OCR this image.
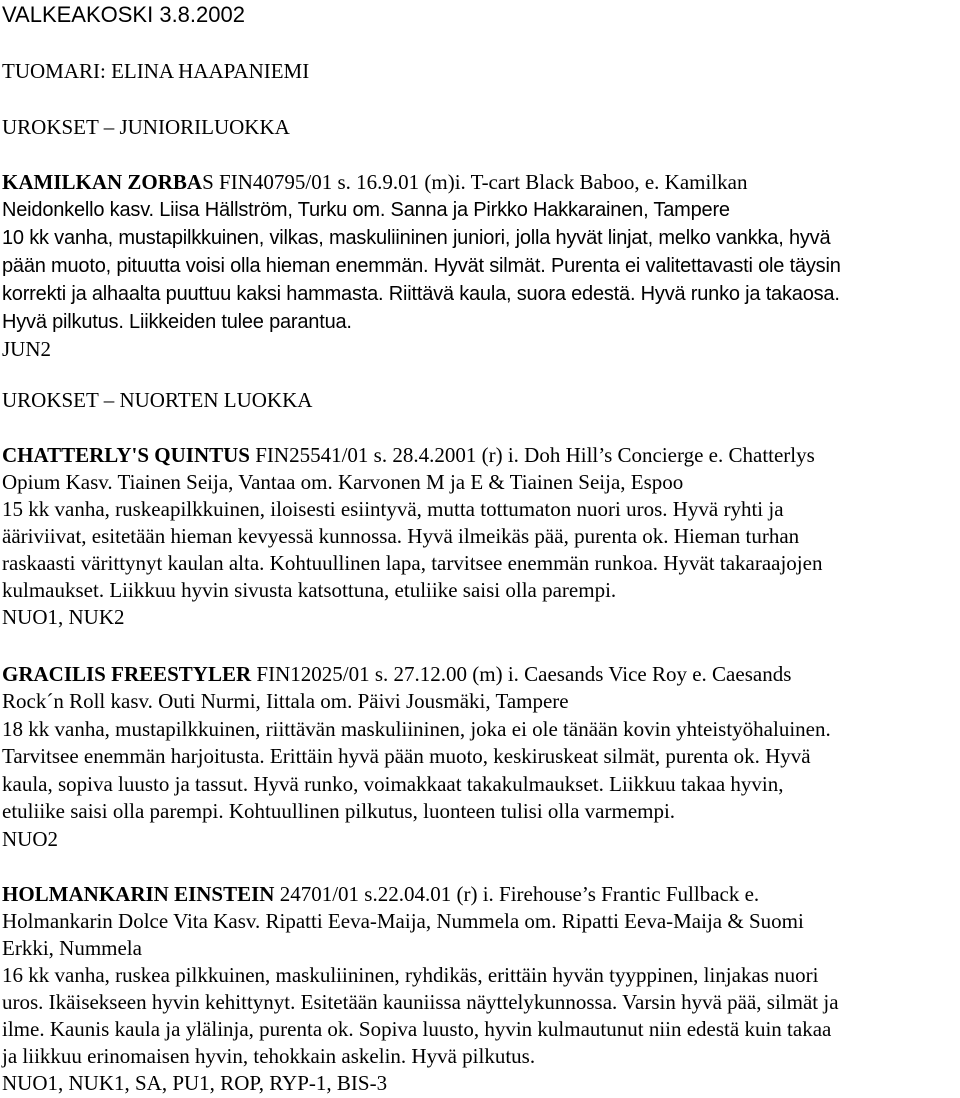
VALKEAKOSKI 3.8.2002
TUOMARI: ELINA HAAPANIEMI
UROKSET – JUNIORILUOKKA
KAMILKAN ZORBAS FIN40795/01 s. 16.9.01 (m)i. T-cart Black Baboo, e. Kamilkan
Neidonkello kasv. Liisa Hällström, Turku om. Sanna ja Pirkko Hakkarainen, Tampere
10 kk vanha, mustapilkkuinen, vilkas, maskuliininen juniori, jolla hyvät linjat, melko vankka, hyvä
pään muoto, pituutta voisi olla hieman enemmän. Hyvät silmät. Purenta ei valitettavasti ole täysin
korrekti ja alhaalta puuttuu kaksi hammasta. Riittävä kaula, suora edestä. Hyvä runko ja takaosa.
Hyvä pilkutus. Liikkeiden tulee parantua.
JUN2
UROKSET – NUORTEN LUOKKA
CHATTERLY'S QUINTUS FIN25541/01 s. 28.4.2001 (r) i. Doh Hill’s Concierge e. Chatterlys
Opium Kasv. Tiainen Seija, Vantaa om. Karvonen M ja E & Tiainen Seija, Espoo
15 kk vanha, ruskeapilkkuinen, iloisesti esiintyvä, mutta tottumaton nuori uros. Hyvä ryhti ja
ääriviivat, esitetään hieman kevyessä kunnossa. Hyvä ilmeikäs pää, purenta ok. Hieman turhan
raskaasti värittynyt kaulan alta. Kohtuullinen lapa, tarvitsee enemmän runkoa. Hyvät takaraajojen
kulmaukset. Liikkuu hyvin sivusta katsottuna, etuliike saisi olla parempi.
NUO1, NUK2
GRACILIS FREESTYLER FIN12025/01 s. 27.12.00 (m) i. Caesands Vice Roy e. Caesands
Rock´n Roll kasv. Outi Nurmi, Iittala om. Päivi Jousmäki, Tampere
18 kk vanha, mustapilkkuinen, riittävän maskuliininen, joka ei ole tänään kovin yhteistyöhaluinen.
Tarvitsee enemmän harjoitusta. Erittäin hyvä pään muoto, keskiruskeat silmät, purenta ok. Hyvä
kaula, sopiva luusto ja tassut. Hyvä runko, voimakkaat takakulmaukset. Liikkuu takaa hyvin,
etuliike saisi olla parempi. Kohtuullinen pilkutus, luonteen tulisi olla varmempi.
NUO2
HOLMANKARIN EINSTEIN 24701/01 s.22.04.01 (r) i. Firehouse’s Frantic Fullback e.
Holmankarin Dolce Vita Kasv. Ripatti Eeva-Maija, Nummela om. Ripatti Eeva-Maija & Suomi
Erkki, Nummela
16 kk vanha, ruskea pilkkuinen, maskuliininen, ryhdikäs, erittäin hyvän tyyppinen, linjakas nuori
uros. Ikäisekseen hyvin kehittynyt. Esitetään kauniissa näyttelykunnossa. Varsin hyvä pää, silmät ja
ilme. Kaunis kaula ja ylälinja, purenta ok. Sopiva luusto, hyvin kulmautunut niin edestä kuin takaa
ja liikkuu erinomaisen hyvin, tehokkain askelin. Hyvä pilkutus.
NUO1, NUK1, SA, PU1, ROP, RYP-1, BIS-3
